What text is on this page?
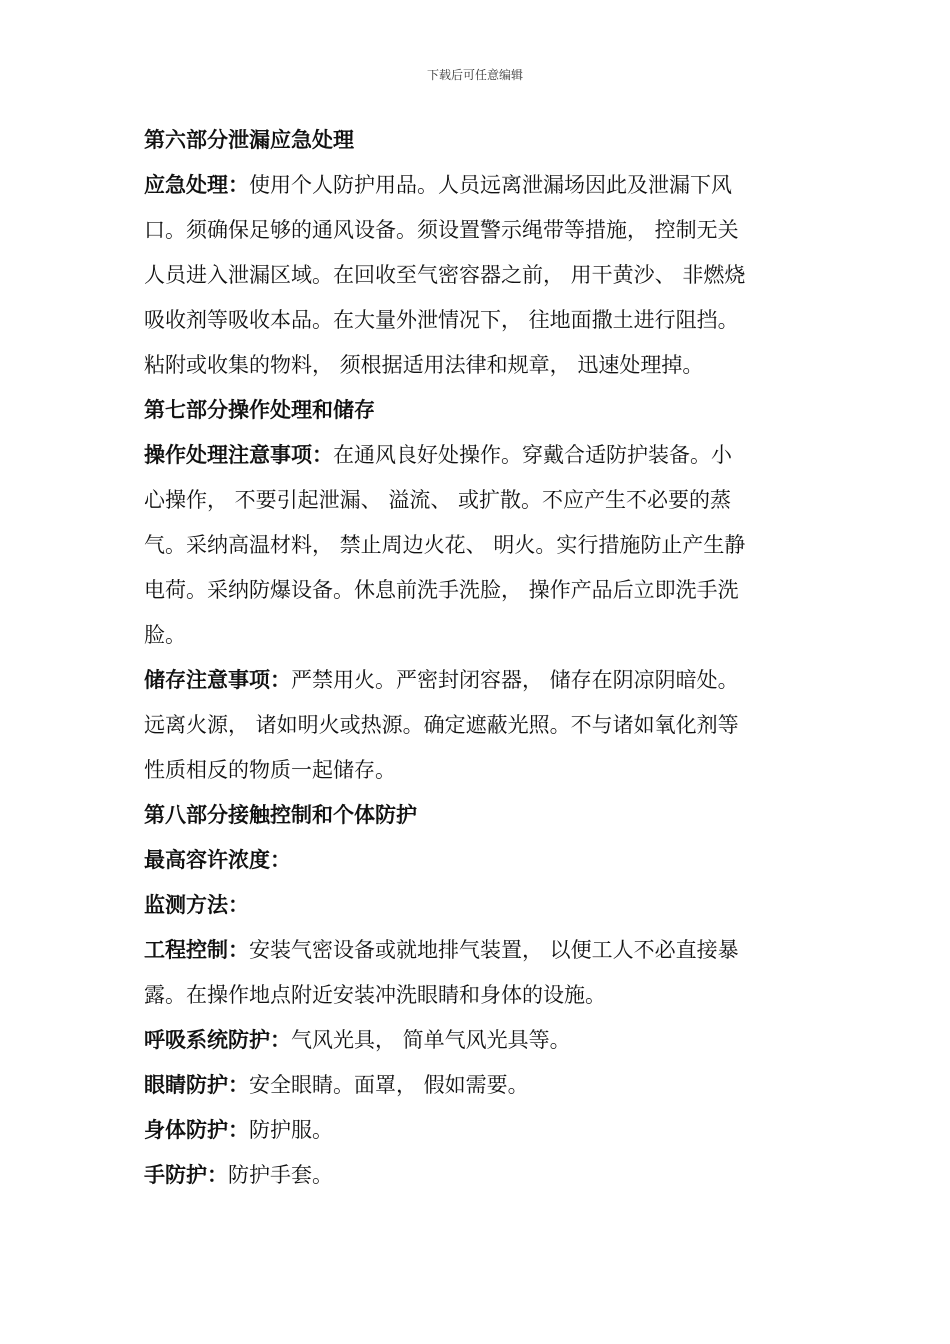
下载后可任意编辑
第六部分泄漏应急处理
应急处理：使用个人防护用品。人员远离泄漏场因此及泄漏下风
口。须确保足够的通风设备。须设置警示绳带等措施， 控制无关
人员进入泄漏区域。在回收至气密容器之前， 用干黄沙、 非燃烧
吸收剂等吸收本品。在大量外泄情况下， 往地面撒土进行阻挡。
粘附或收集的物料， 须根据适用法律和规章， 迅速处理掉。
第七部分操作处理和储存
操作处理注意事项：在通风良好处操作。穿戴合适防护装备。小
心操作， 不要引起泄漏、 溢流、 或扩散。不应产生不必要的蒸
气。采纳高温材料， 禁止周边火花、 明火。实行措施防止产生静
电荷。采纳防爆设备。休息前洗手洗脸， 操作产品后立即洗手洗
脸。
储存注意事项：严禁用火。严密封闭容器， 储存在阴凉阴暗处。
远离火源， 诸如明火或热源。确定遮蔽光照。不与诸如氧化剂等
性质相反的物质一起储存。
第八部分接触控制和个体防护
最高容许浓度：
监测方法：
工程控制：安装气密设备或就地排气装置， 以便工人不必直接暴
露。在操作地点附近安装冲洗眼睛和身体的设施。
呼吸系统防护：气风光具， 简单气风光具等。
眼睛防护：安全眼睛。面罩， 假如需要。
身体防护：防护服。
手防护：防护手套。
